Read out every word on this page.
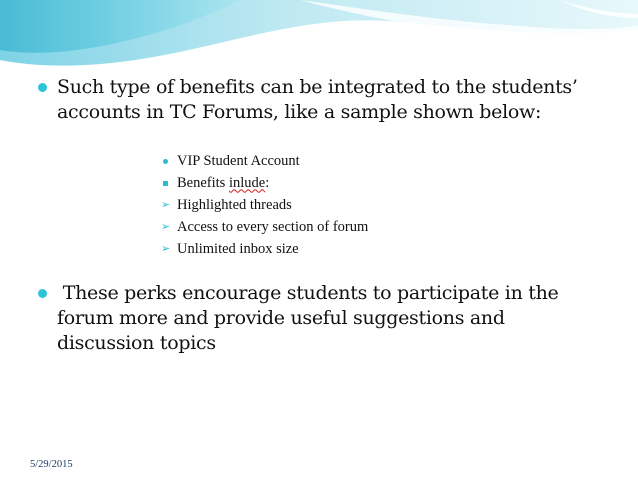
Such type of benefits can be integrated to the students’
accounts in TC Forums, like a sample shown below:
VIP Student Account
Benefits inlude :
➢ Highlighted threads
➢ Access to every section of forum
➢ Unlimited inbox size
These perks encourage students to participate in the
forum more and provide useful suggestions and
discussion topics
5/29/2015
